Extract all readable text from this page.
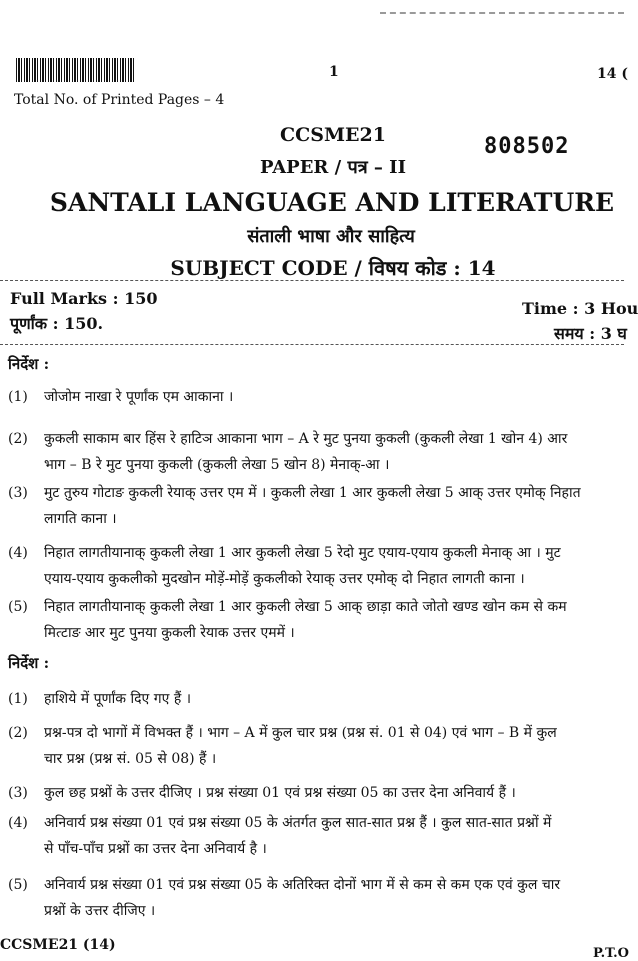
1	14 (
Total No. of Printed Pages – 4
CCSME21	808502
PAPER / पत्र – II
SANTALI LANGUAGE AND LITERATURE
संताली भाषा और साहित्य
SUBJECT CODE / विषय कोड : 14
Full Marks : 150
पूर्णांक : 150.
Time : 3 Hou
समय : 3 घ
निर्देश :
(1)	जोजोम नाखा रे पूर्णांक एम आकाना ।
(2)	कुकली साकाम बार हिंस रे हाटिञ आकाना भाग – A रे मुट पुनया कुकली (कुकली लेखा 1 खोन 4) आर
भाग – B रे मुट पुनया कुकली (कुकली लेखा 5 खोन 8) मेनाक्-आ ।
(3)	मुट तुरुय गोटाङ कुकली रेयाक् उत्तर एम में । कुकली लेखा 1 आर कुकली लेखा 5 आक् उत्तर एमोक् निहात
लागति काना ।
(4)	निहात लागतीयानाक् कुकली लेखा 1 आर कुकली लेखा 5 रेदो मुट एयाय-एयाय कुकली मेनाक् आ । मुट
एयाय-एयाय कुकलीको मुदखोन मोड़ें-मोड़ें कुकलीको रेयाक् उत्तर एमोक् दो निहात लागती काना ।
(5)	निहात लागतीयानाक् कुकली लेखा 1 आर कुकली लेखा 5 आक् छाड़ा काते जोतो खण्ड खोन कम से कम
मित्टाङ आर मुट पुनया कुकली रेयाक उत्तर एममें ।
निर्देश :
(1)	हाशिये में पूर्णांक दिए गए हैं ।
(2)	प्रश्न-पत्र दो भागों में विभक्त हैं । भाग – A में कुल चार प्रश्न (प्रश्न सं. 01 से 04) एवं भाग – B में कुल
चार प्रश्न (प्रश्न सं. 05 से 08) हैं ।
(3)	कुल छह प्रश्नों के उत्तर दीजिए । प्रश्न संख्या 01 एवं प्रश्न संख्या 05 का उत्तर देना अनिवार्य हैं ।
(4)	अनिवार्य प्रश्न संख्या 01 एवं प्रश्न संख्या 05 के अंतर्गत कुल सात-सात प्रश्न हैं । कुल सात-सात प्रश्नों में
से पाँच-पाँच प्रश्नों का उत्तर देना अनिवार्य है ।
(5)	अनिवार्य प्रश्न संख्या 01 एवं प्रश्न संख्या 05 के अतिरिक्त दोनों भाग में से कम से कम एक एवं कुल चार
प्रश्नों के उत्तर दीजिए ।
CCSME21 (14)
P.T.O
